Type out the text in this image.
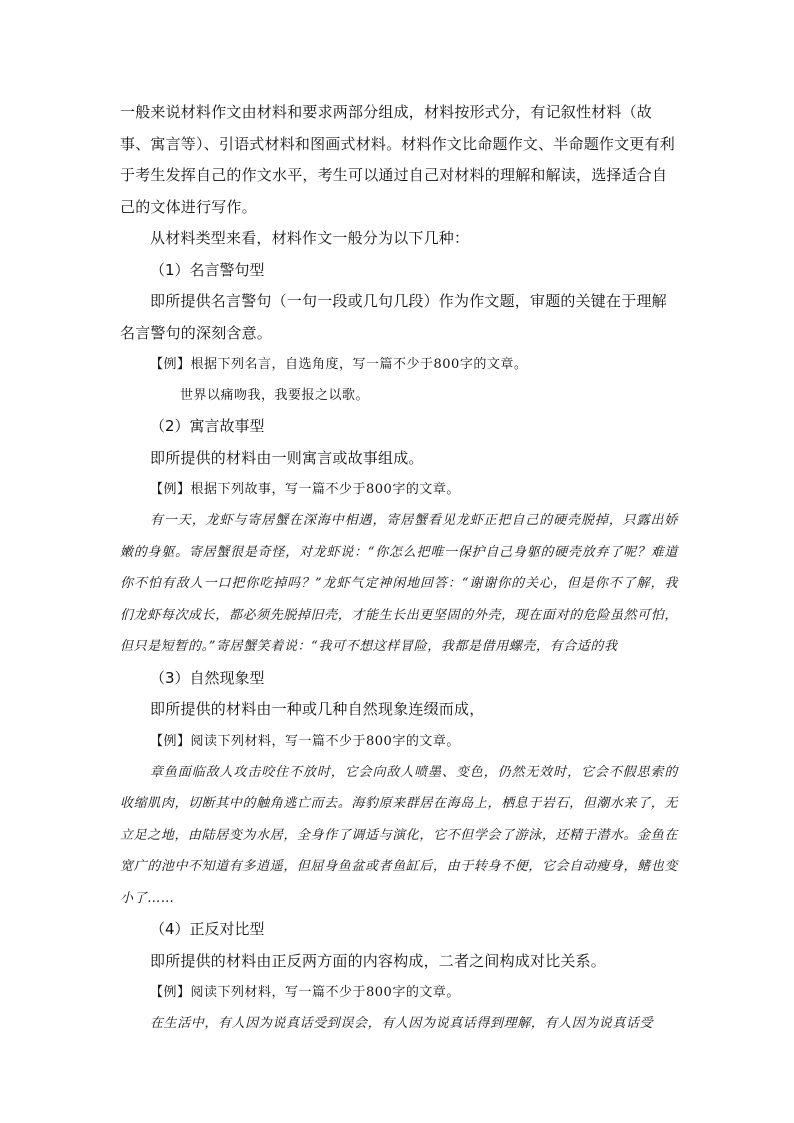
一般来说材料作文由材料和要求两部分组成，材料按形式分，有记叙性材料（故事、寓言等）、引语式材料和图画式材料。材料作文比命题作文、半命题作文更有利于考生发挥自己的作文水平，考生可以通过自己对材料的理解和解读，选择适合自己的文体进行写作。

从材料类型来看，材料作文一般分为以下几种：

（1）名言警句型

即所提供名言警句（一句一段或几句几段）作为作文题，审题的关键在于理解名言警句的深刻含意。

【例】根据下列名言，自选角度，写一篇不少于800字的文章。

世界以痛吻我，我要报之以歌。

（2）寓言故事型

即所提供的材料由一则寓言或故事组成。

【例】根据下列故事，写一篇不少于800字的文章。

有一天，龙虾与寄居蟹在深海中相遇，寄居蟹看见龙虾正把自己的硬壳脱掉，只露出娇嫩的身躯。寄居蟹很是奇怪，对龙虾说：“你怎么把唯一保护自己身躯的硬壳放弃了呢？难道你不怕有敌人一口把你吃掉吗？”龙虾气定神闲地回答：“谢谢你的关心，但是你不了解，我们龙虾每次成长，都必须先脱掉旧壳，才能生长出更坚固的外壳，现在面对的危险虽然可怕，但只是短暂的。”寄居蟹笑着说：“我可不想这样冒险，我都是借用螺壳，有合适的我

（3）自然现象型

即所提供的材料由一种或几种自然现象连缀而成，

【例】阅读下列材料，写一篇不少于800字的文章。

章鱼面临敌人攻击咬住不放时，它会向敌人喷墨、变色，仍然无效时，它会不假思索的收缩肌肉，切断其中的触角逃亡而去。海豹原来群居在海岛上，栖息于岩石，但潮水来了，无立足之地，由陆居变为水居，全身作了调适与演化，它不但学会了游泳，还精于潜水。金鱼在宽广的池中不知道有多逍遥，但屈身鱼盆或者鱼缸后，由于转身不便，它会自动瘦身，鳍也变小了……

（4）正反对比型

即所提供的材料由正反两方面的内容构成，二者之间构成对比关系。

【例】阅读下列材料，写一篇不少于800字的文章。

在生活中，有人因为说真话受到误会，有人因为说真话得到理解，有人因为说真话受
